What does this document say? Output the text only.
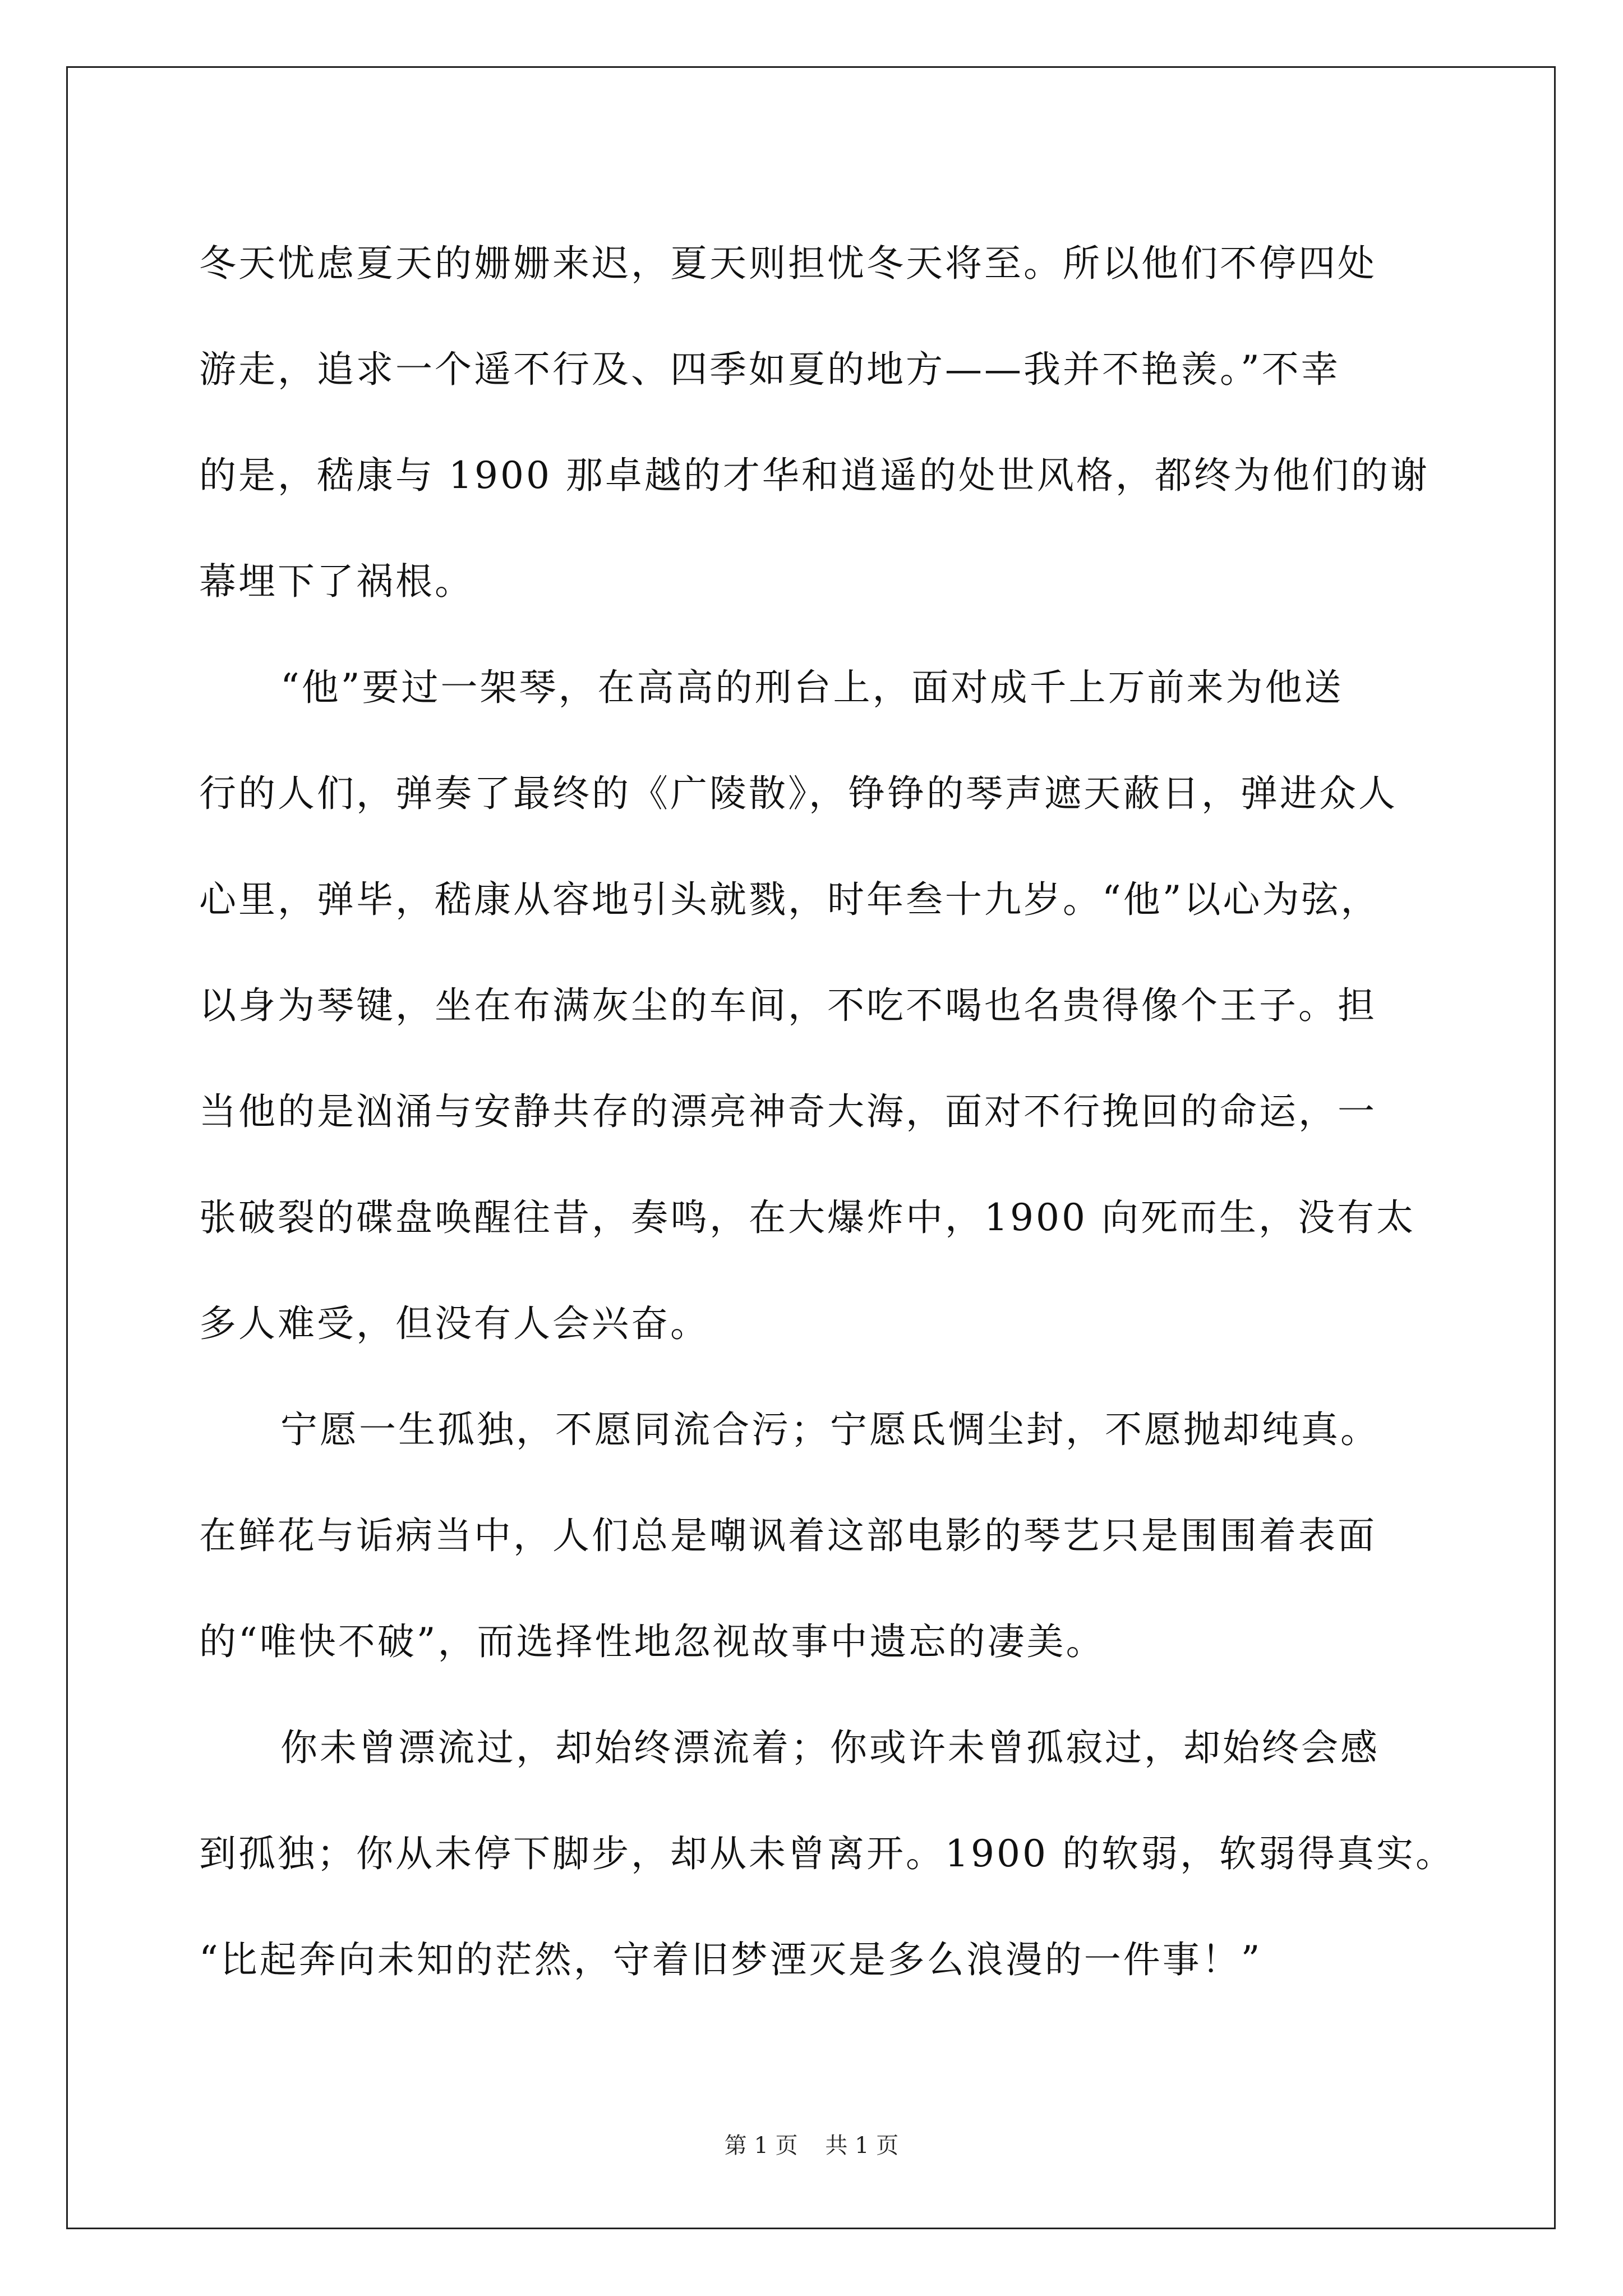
冬天忧虑夏天的姗姗来迟，夏天则担忧冬天将至。所以他们不停四处
游走，追求一个遥不行及、四季如夏的地方——我并不艳羡。”不幸
的是，嵇康与 1900 那卓越的才华和逍遥的处世风格，都终为他们的谢
幕埋下了祸根。
“他”要过一架琴，在高高的刑台上，面对成千上万前来为他送
行的人们，弹奏了最终的《广陵散》，铮铮的琴声遮天蔽日，弹进众人
心里，弹毕，嵇康从容地引头就戮，时年叁十九岁。“他”以心为弦，
以身为琴键，坐在布满灰尘的车间，不吃不喝也名贵得像个王子。担
当他的是汹涌与安静共存的漂亮神奇大海，面对不行挽回的命运，一
张破裂的碟盘唤醒往昔，奏鸣，在大爆炸中，1900 向死而生，没有太
多人难受，但没有人会兴奋。
宁愿一生孤独，不愿同流合污；宁愿氐惆尘封，不愿抛却纯真。
在鲜花与诟病当中，人们总是嘲讽着这部电影的琴艺只是围围着表面
的“唯快不破”，而选择性地忽视故事中遗忘的凄美。
你未曾漂流过，却始终漂流着；你或许未曾孤寂过，却始终会感
到孤独；你从未停下脚步，却从未曾离开。1900 的软弱，软弱得真实。
“比起奔向未知的茫然，守着旧梦湮灭是多么浪漫的一件事！”
第 1 页 共 1 页
